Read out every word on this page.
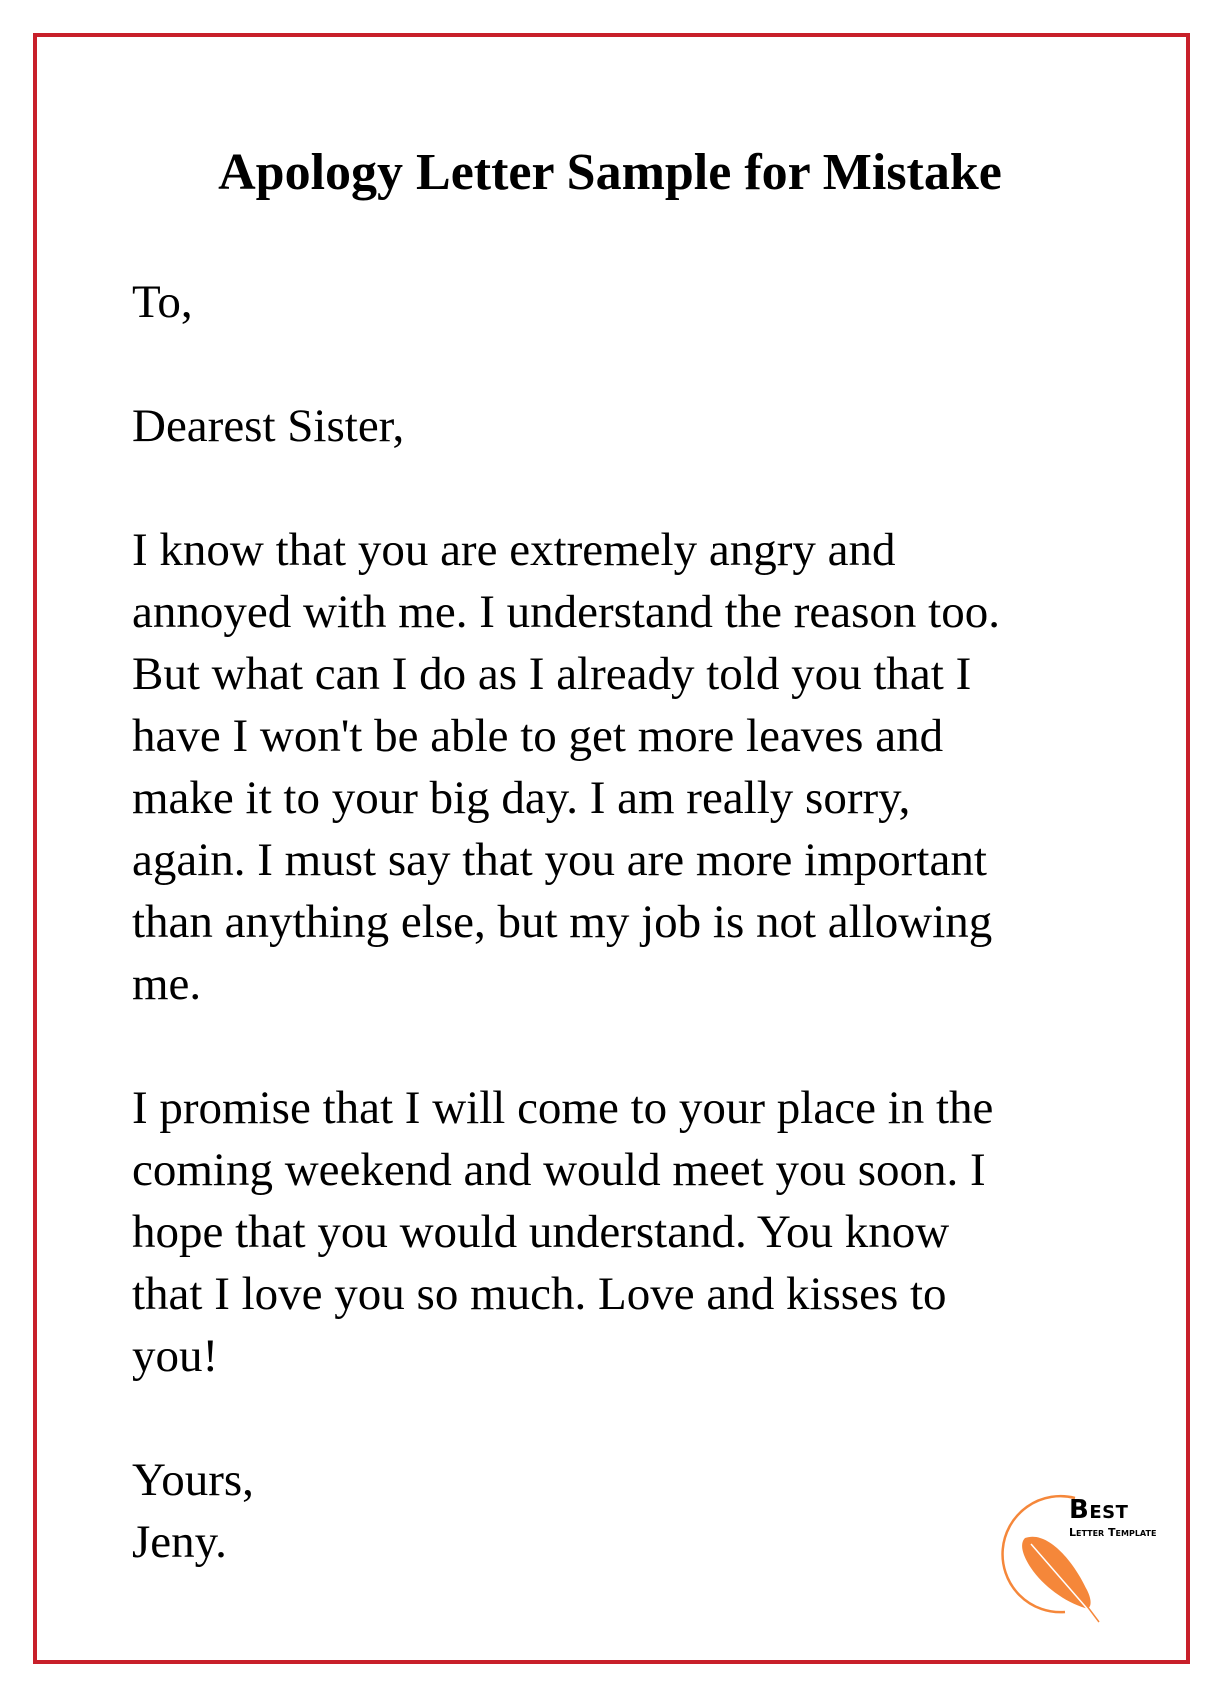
Apology Letter Sample for Mistake
To,
Dearest Sister,
I know that you are extremely angry and
annoyed with me. I understand the reason too.
But what can I do as I already told you that I
have I won't be able to get more leaves and
make it to your big day. I am really sorry,
again. I must say that you are more important
than anything else, but my job is not allowing
me.
I promise that I will come to your place in the
coming weekend and would meet you soon. I
hope that you would understand. You know
that I love you so much. Love and kisses to
you!
Yours,
Jeny.
Best
Letter Template
